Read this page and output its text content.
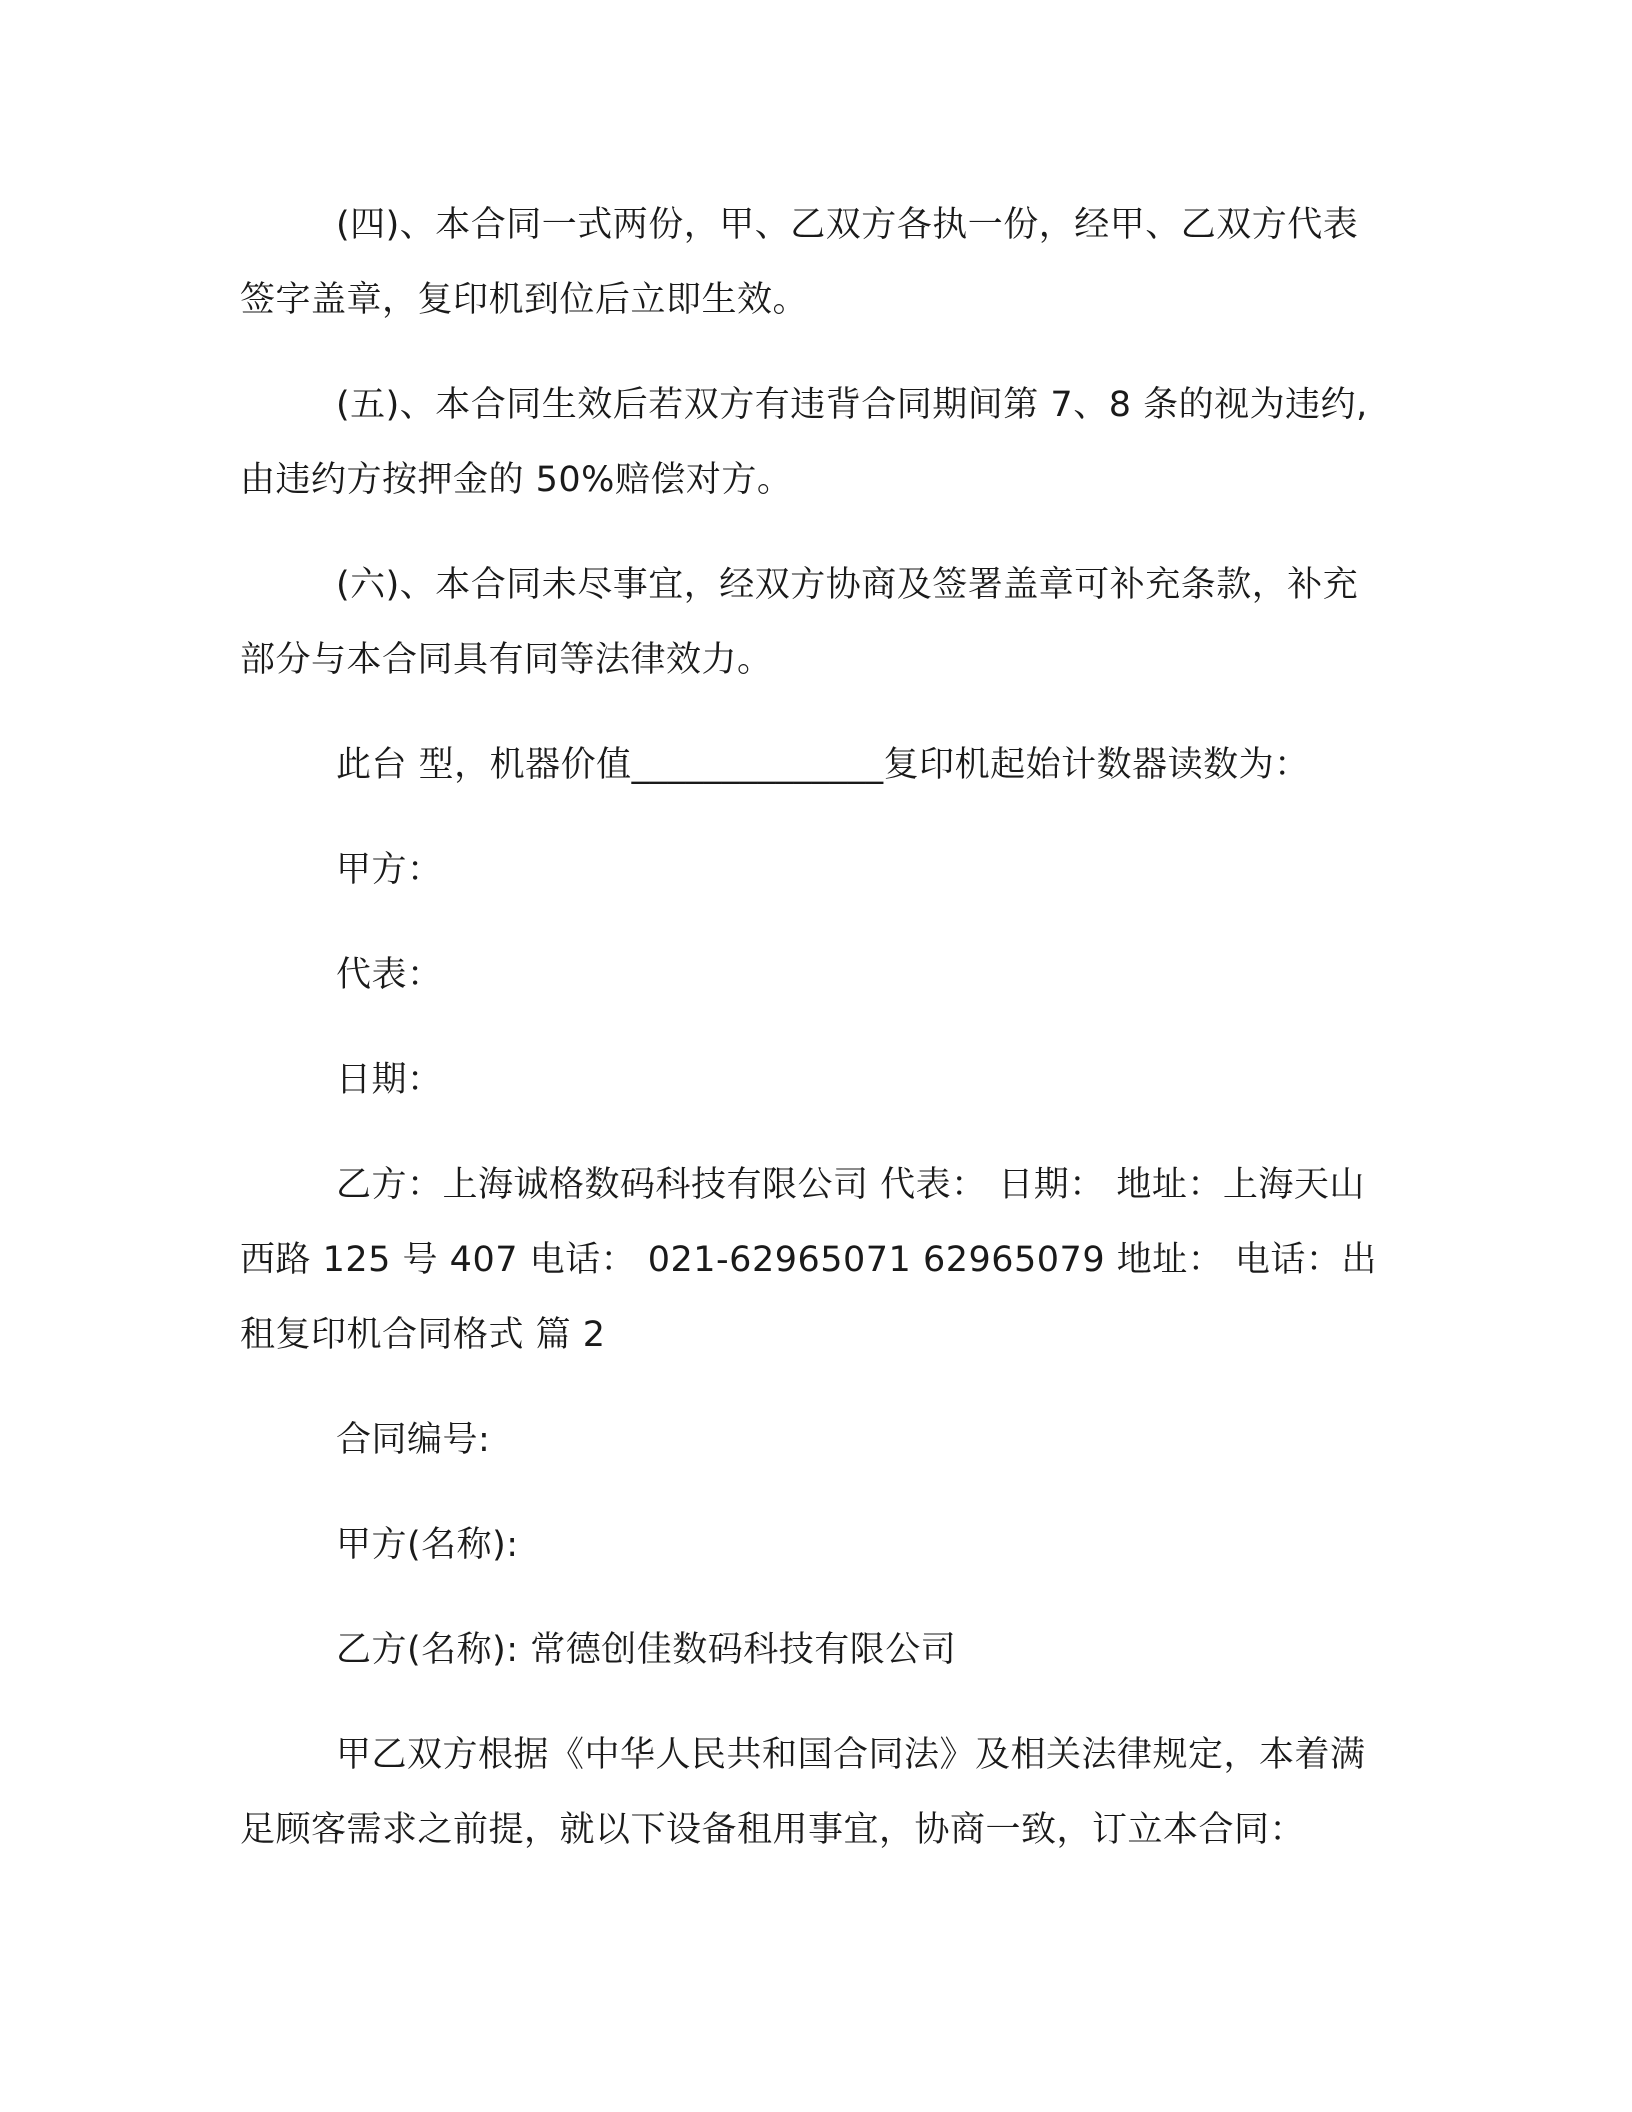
(四)、本合同一式两份，甲、乙双方各执一份，经甲、乙双方代表签字盖章，复印机到位后立即生效。

(五)、本合同生效后若双方有违背合同期间第 7、8 条的视为违约,由违约方按押金的 50%赔偿对方。

(六)、本合同未尽事宜，经双方协商及签署盖章可补充条款，补充部分与本合同具有同等法律效力。

此台 型，机器价值______________复印机起始计数器读数为：

甲方：

代表：

日期：

乙方：上海诚格数码科技有限公司 代表： 日期： 地址：上海天山西路 125 号 407 电话： 021-62965071 62965079 地址： 电话：出租复印机合同格式 篇 2

合同编号:

甲方(名称):

乙方(名称): 常德创佳数码科技有限公司

甲乙双方根据《中华人民共和国合同法》及相关法律规定，本着满足顾客需求之前提，就以下设备租用事宜，协商一致，订立本合同：
